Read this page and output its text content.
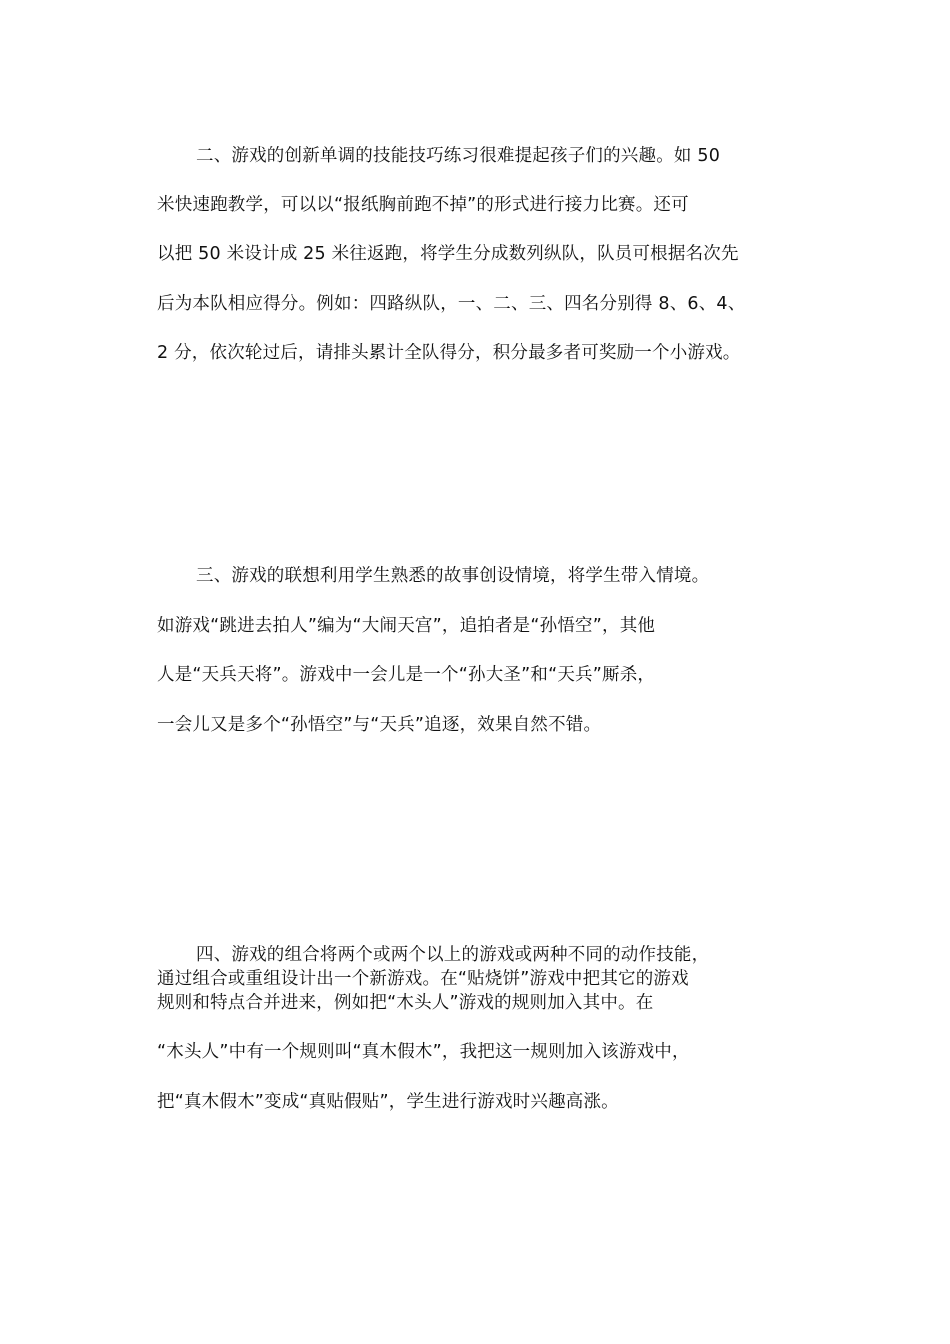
二、游戏的创新单调的技能技巧练习很难提起孩子们的兴趣。如 50
米快速跑教学，可以以“报纸胸前跑不掉”的形式进行接力比赛。还可
以把 50 米设计成 25 米往返跑，将学生分成数列纵队，队员可根据名次先
后为本队相应得分。例如：四路纵队，一、二、三、四名分别得 8、6、4、
2 分，依次轮过后，请排头累计全队得分，积分最多者可奖励一个小游戏。
三、游戏的联想利用学生熟悉的故事创设情境，将学生带入情境。
如游戏“跳进去拍人”编为“大闹天宫”，追拍者是“孙悟空”，其他
人是“天兵天将”。游戏中一会儿是一个“孙大圣”和“天兵”厮杀，
一会儿又是多个“孙悟空”与“天兵”追逐，效果自然不错。
四、游戏的组合将两个或两个以上的游戏或两种不同的动作技能，
通过组合或重组设计出一个新游戏。在“贴烧饼”游戏中把其它的游戏
规则和特点合并进来，例如把“木头人”游戏的规则加入其中。在
“木头人”中有一个规则叫“真木假木”，我把这一规则加入该游戏中，
把“真木假木”变成“真贴假贴”，学生进行游戏时兴趣高涨。
